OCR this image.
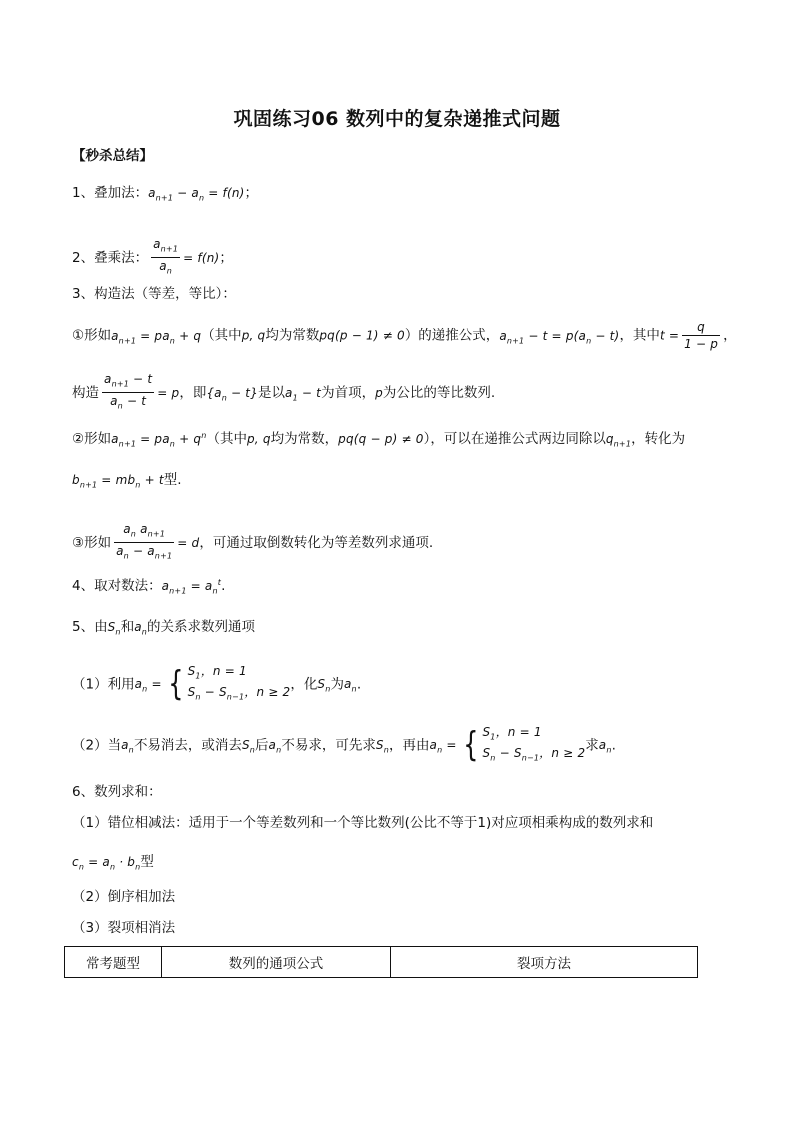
巩固练习06 数列中的复杂递推式问题
【秒杀总结】
1、叠加法：$a_{n+1} - a_n = f(n)$；
2、叠乘法： $\frac{a_{n+1}}{a_n} = f(n)$；
3、构造法（等差，等比）：
①形如$a_{n+1} = pa_n + q$（其中p, q均为常数pq(p − 1) ≠ 0）的递推公式，$a_{n+1} - t = p(a_n - t)$，其中$t = \frac{q}{1 - p}$ ，
构造 $\frac{a_{n+1} - t}{a_n - t} = p$，即$\{a_n - t\}$是以$a_1 - t$为首项，p为公比的等比数列.
②形如$a_{n+1} = pa_n + q^n$（其中p, q均为常数，pq(q − p) ≠ 0），可以在递推公式两边同除以$q_{n+1}$，转化为
$b_{n+1} = mb_n + t$型.
③形如 $\frac{a_n a_{n+1}}{a_n - a_{n+1}} = d$，可通过取倒数转化为等差数列求通项.
4、取对数法：$a_{n+1} = a_n^t$.
5、由$S_n$和$a_n$的关系求数列通项
（1）利用$a_n$ = { $S_1$，n = 1
$S_n - S_{n-1}$，n ≥ 2 ，化$S_n$为$a_n$.
（2）当$a_n$不易消去，或消去$S_n$后$a_n$不易求，可先求$S_n$，再由$a_n$ = { $S_1$，n = 1
$S_n - S_{n-1}$，n ≥ 2 求$a_n$.
6、数列求和：
（1）错位相减法：适用于一个等差数列和一个等比数列(公比不等于1)对应项相乘构成的数列求和
$c_n = a_n \cdot b_n$型
（2）倒序相加法
（3）裂项相消法
常考题型	数列的通项公式	裂项方法
